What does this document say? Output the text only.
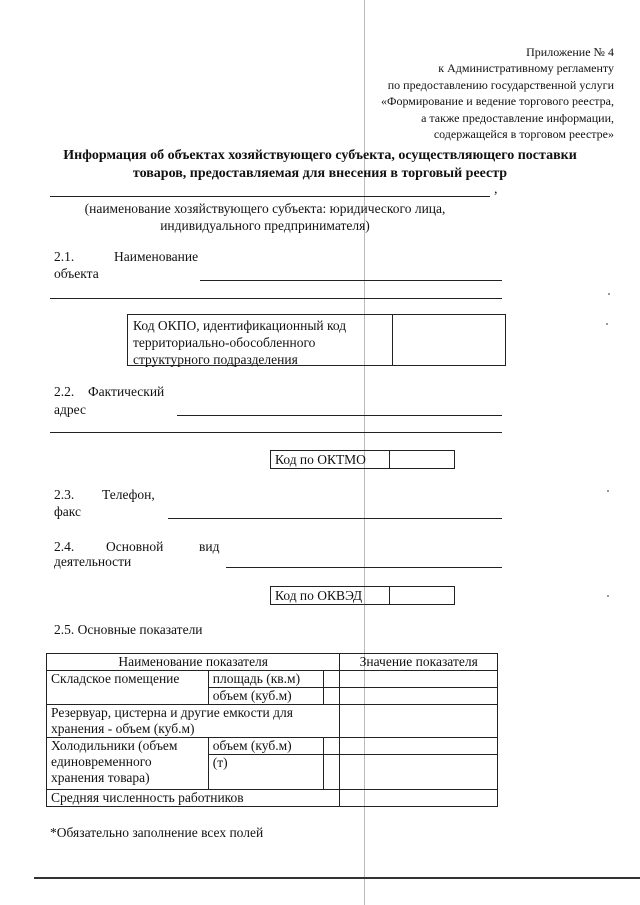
Приложение № 4
к Административному регламенту
по предоставлению государственной услуги
«Формирование и ведение торгового реестра,
а также предоставление информации,
содержащейся в торговом реестре»
Информация об объектах хозяйствующего субъекта, осуществляющего поставки
товаров, предоставляемая для внесения в торговый реестр
,
(наименование хозяйствующего субъекта: юридического лица,
индивидуального предпринимателя)
2.1.	Наименование
объекта
Код ОКПО, идентификационный код
территориально-обособленного
структурного подразделения
2.2. Фактический
адрес
Код по ОКТМО
2.3. Телефон,
факс
2.4. Основной	вид
деятельности
Код по ОКВЭД
2.5. Основные показатели
Наименование показателя			Значение показателя
Складское помещение	площадь (кв.м)		
	объем (куб.м)		

Резервуар, цистерна и другие емкости для
хранения - объем (куб.м)			

Холодильники (объем
единовременного
хранения товара)	объем (куб.м)		
	(т)		
Средняя численность работников			
*Обязательно заполнение всех полей
